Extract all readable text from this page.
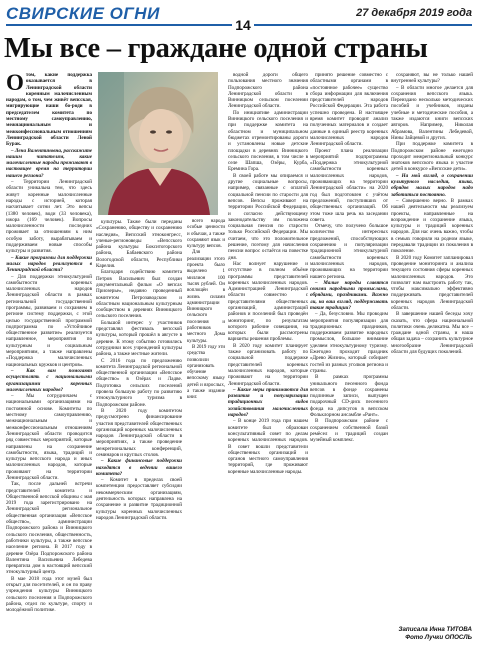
СВИРСКИЕ ОГНИ	27 декабря 2019 года
14
Мы все – граждане одной страны
О том, какие поддержка оказывается в Ленинградской области коренным малочисленным народам, о том, чем живёт вепсская, мигрирующие наши бо-роди в председателем комитета по местному самоуправлению, межнациональным и межконфессиональным отношениям Ленинградской области Леной Бурак.

– Лена Валентиновна, расскажите нашим читателям, какие малочисленные народы проживают в настоящее время на территории нашего региона?

– Территории Ленинградской области уникальна тем, что здесь живут коренные малочисленные народы с историей, которая насчитывает сотни лет. Это вепсы (1380 человек), води (33 человека), ижора (169 человек). Вопросы малочисленности последних проживает за отношениям к ним особую заботу, вырабатываем и поддерживаем новые способы культуры и развития.

– Какие программы для поддержки малых народов реализуются в Ленинградской области?

– Для поддержки этнокультурной самобытности коренных малочисленных народов Ленинградской области в рамках региональной государственной программы, развиваем и сохраняем в регионе систему поддержки, с этой целью государственной программой подпрограмма по «Устойчивое общественное развитие» реализуется направленное, мероприятия по культурным и социальным мероприятиям, а также направлены «Поддержка малочисленных национальных кружков и центров».

– Как вам помогают осуществлять с национальными организациями коренных малочисленных народов?

– Мы сотрудничаем с национальными организациями на постоянной основе. Комитеты по местному самоуправлению, межнациональным и межконфессиональным отношениям Ленинградской области проводится ряд совместных мероприятий, которые направлены на сохранение самобытности, языка, традиций и культуры вепсского народа и иных малочисленных народов, которые проживают на территории Ленинградской области.

Так, после дальней встречи представителей комитета и Общественной вепсской общины с мая 2019 года зарегистрировано на Ленинградской региональное общественная организация «Вепсское общество», администрации Подпорожского района и Винницкого сельского поселения, общественность, работники культуры, а также вепсское население региона. В 2017 году в деревне Озёра Подпорожского района Валентина Васильевна Лебедева превратила дом в настоящий вепсский этнокультурный центр.

В мае 2018 года этот музей был открыт для посетителей, и он по праву учреждения культуры Винницкого сельского поселения и Подпорожского района, отдел по культуре, спорту и молодёжной политике.

культуры. Также были переданы «Сохранению, обществу и сохранению наследия», Вепсский этноконгресс, ученые-регионоведы «Вепсского района культуры Бокситогорского района, Бабаевского района Вологодской области, Республики Карелия.

Благодаря содействию комитета Петров Васильевич был создан документальный фильм «О вепсах Приозерье», недавно проведенный комитетом Петрозаводском и областным национальным культурным сообществом в деревнях Винницкого сельского поселения.

Большой интерес у участников представлял фестиваль вепсской культуры, который прошёл в августе в деревне. К этому событию готовились сотрудники всех учреждений культуры района, а также местные жители.

С 2016 года по предложению комитета Ленинградской региональной общественной организации «Вепсское общество» в Озёрах и Ладве. Подготовка сельских поселений провела большую работу по развитию этнокультурного туризма в Подпорожском районе.

В 2020 году комитетом предусмотрено финансирование участия представителей общественных организаций коренных малочисленных народов Ленинградской области в мероприятиях, а также проведение межрегиональных конференций, семинаров и круглых столов.

– Какие финансовые поддержки находятся в ведении вашего комитета?

– Комитет в пределах своей компетенции предоставляет субсидии некоммерческим организациям, деятельность которых направлена на сохранение и развитие традиционной культуры коренных малочисленных народов Ленинградской области.

всего народа особые ценности и обычаи, а также сохраняют язык и культуру вепсов.

Для реализации этого проекта было выделено 1 миллион 100 тысяч рублей. Он воплощён в жизнь силами администрации Винницкого сельского поселения и работников местного Дома культуры.

В 2019 году эти средства позволили организовать обучение вепсскому языку детей и взрослых, а также издание книг.

водной дороги общего пользования местного значения Подпорожского района Ленинградской области в Винницком сельском поселении Ленинградской области.

По инициативе администрации Винницкого сельского поселения и при поддержке комитета на областном и муниципальном бюджетах отремонтированы дороги и установлены новые детские площадки в деревнях Винницкого сельского поселения, в том числе в селе Шапша, Озёры, Курба, Еремина Гора.

В своей работе мы опираемся и другие социальные вопросы, например, связанные с оплатой социальной пенсии по старости для вепсов. Вепсы проживают на территории Российской Федерации, и согласно действующему законодательству им положена социальная пенсия по старости только Российской Федерации. Мы считаем, что это положительное решение, поэтому для начисления пенсии вопрос остаётся на повестке дня.

Нас волнует нарушение и отсутствие в полном объёме программы представителей коренных малочисленных народов. Администрацией Ленинградской области совместно с представителями общественных организаций, администраций районов и поселений был проведён мониторинг, по результатам которого рабочие совещания, на которых были рассмотрены варианты решения проблемы.

В 2020 году комитет планирует также организовать работу по социальной поддержке представителей коренных малочисленных народов, которые проживают на территории Ленинградской области.

– Какие меры принимаются для развития и популяризации традиционных видов хозяйствования малочисленных народов?

– В конце 2019 года при нашем комитете был образован консультативный совет по делам коренных малочисленных народов. В совет вошли представители общественных организаций и органов местного самоуправления территорий, где проживают коренные малочисленные народы.

принято решение совместно с областными органами в «постоянное рабочее» существо сбора информации для включения представителей народов Российской Федерации. Эта работа успешно проведена. В настоящее время комитет проводит анализ полученных материалов и создает данные в единый реестр коренных малочисленных народов Ленинградской области.

Проект плана реализации мероприятий подпрограммы «Поддержка этнокультурной самобытности коренных малочисленных народов, проживающих на территории Ленинградской области» на 2020 год был подготовлен с учётом предложений, поступивших от общественных организаций. Об этом тоже шла речь на заседании совета.

Отмечу, что получено большое количество интересных предложений, способствующих сохранению и популяризации традиционной этнокультурной самобытности коренных малочисленных народов, проживающих на территории нашего региона.

– Малые народы славятся своими народными промыслами, обрядами, праздниками. Важно ли, на ваш взгляд, поддерживать такие традиции?

– Да, безусловно. Мы проводим мероприятия популяризации для традиционных праздников, поддерживаем развитие народных промыслов, большое внимание уделяем этнокультурному туризму. Ежегодно проходит праздник «Древо Жизни», который собирает гостей из разных уголков региона и страны.

В рамках программы уникального песенного фонда вепсов в фонде сохранены подлинные записи, выпущен подарочный CD-диск песенного фонда на дипсугов в вепсском Фольклорном ансамбле «Рант».

В Подпорожском районе с сохранением собственной базой ремёсел и традиций создан музейный комплекс.

сохраняют, вы не только нашей внутренней культуры?

– В области многое делается для сохранения вепсского языка. Переиздано несколько методических пособий и учебников, изданы учебные и методические пособия, а также издаются книги вепсских авторов. Например, Николая Абрамова, Валентины Лебедевой, Нины Зайцевой и других.

При поддержке комитета в Подпорожском районе ежегодно проходит межрегиональный конкурс знатоков вепсского языка и участие детей в конкурсе «Вепсские дети».

– На мой взгляд, о сохранении культурного наследия, языка, обрядов малых народов надо заботиться постоянно.

– Совершенно верно. В рамках нашей деятельности мы реализуем проекты, направленные на возрождение и сохранение языка, культуры и традиций коренных народов. Для нас очень важно, чтобы в семьях говорили на родном языке, передавали традиции из поколения в поколение.

В 2020 году Комитет запланировал проведение мониторинга и анализа текущего состояния сферы коренных малочисленных народов. Это позволит нам выстроить работу так, чтобы максимально эффективно поддерживать представителей коренных народов Ленинградской области.

В завершение нашей беседы хочу сказать, что сфера национальной политики очень деликатна. Мы все – граждане одной страны, и наша общая задача – сохранить культурное многообразие Ленинградской области для будущих поколений.

Записала Инна ТИТОВА
Фото Лучки ОПОСЛЬ
